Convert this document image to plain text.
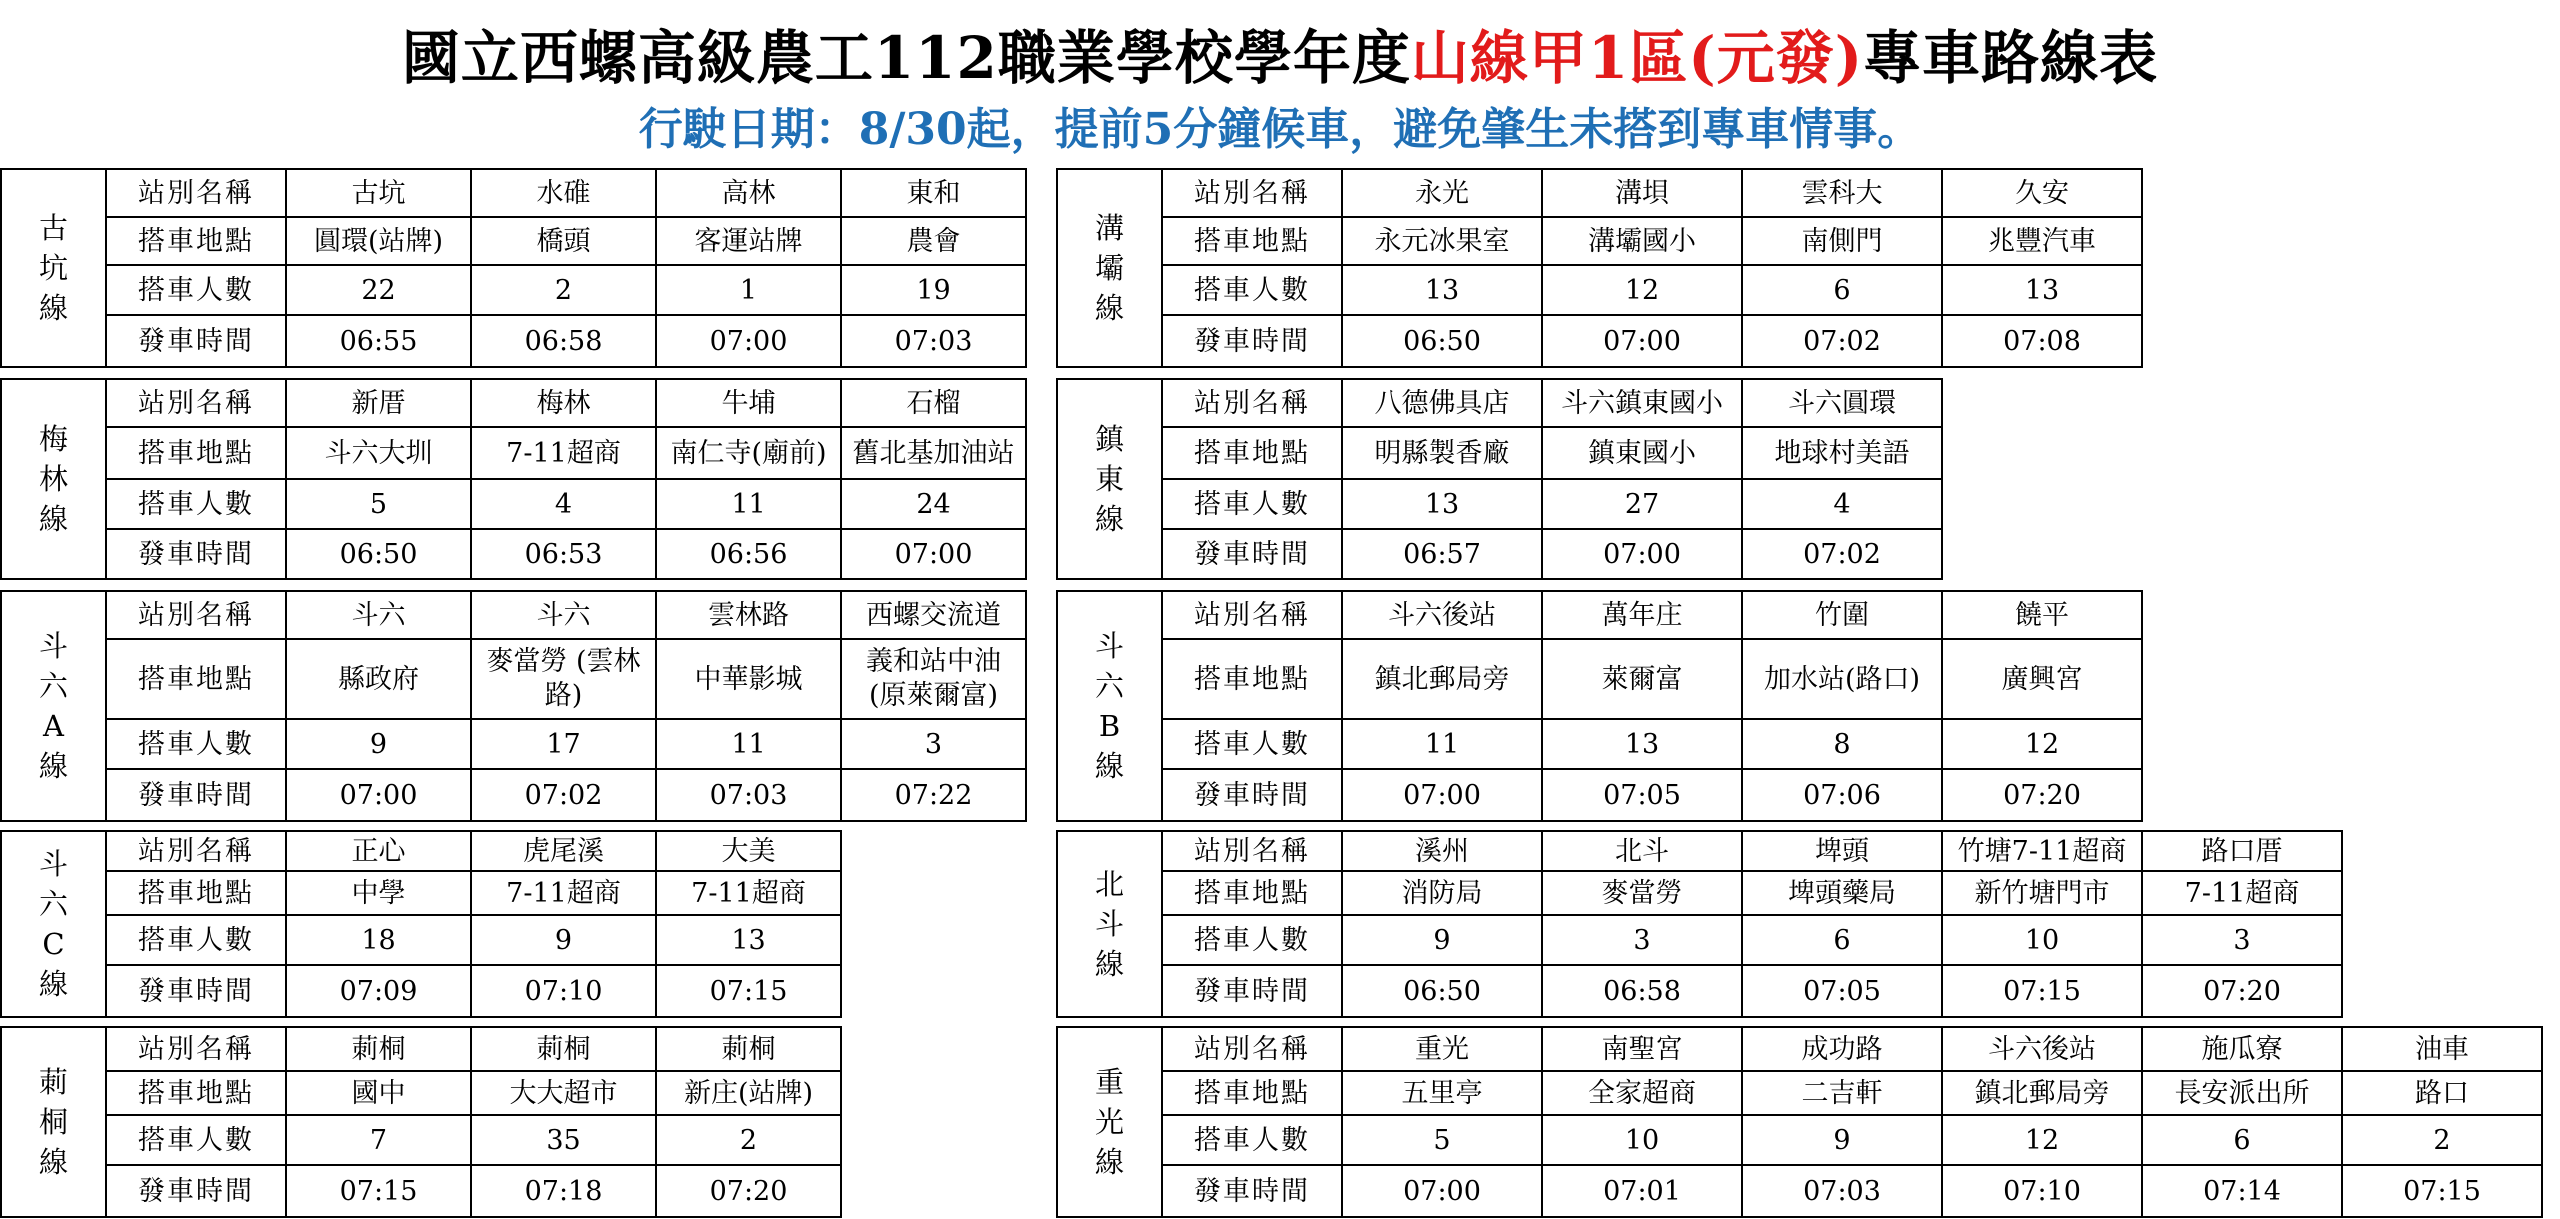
國立西螺高級農工112職業學校學年度山線甲1區(元發)專車路線表
行駛日期：8/30起，提前5分鐘候車，避免肇生未搭到專車情事。
古
坑
線	站別名稱	古坑	水碓	高林	東和
	搭車地點	圓環(站牌)	橋頭	客運站牌	農會
	搭車人數	22	2	1	19
	發車時間	06:55	06:58	07:00	07:03
溝
壩
線	站別名稱	永光	溝垻	雲科大	久安	
	搭車地點	永元冰果室	溝壩國小	南側門	兆豐汽車	
	搭車人數	13	12	6	13	
	發車時間	06:50	07:00	07:02	07:08	
梅
林
線	站別名稱	新厝	梅林	牛埔	石榴
	搭車地點	斗六大圳	7-11超商	南仁寺(廟前)	舊北基加油站
	搭車人數	5	4	11	24
	發車時間	06:50	06:53	06:56	07:00
鎮
東
線	站別名稱	八德佛具店	斗六鎮東國小	斗六圓環	
	搭車地點	明縣製香廠	鎮東國小	地球村美語	
	搭車人數	13	27	4	
	發車時間	06:57	07:00	07:02	
斗
六
A
線	站別名稱	斗六	斗六	雲林路	西螺交流道
	搭車地點	縣政府	麥當勞 (雲林路)	中華影城	義和站中油 (原萊爾富)
	搭車人數	9	17	11	3
	發車時間	07:00	07:02	07:03	07:22
斗
六
B
線	站別名稱	斗六後站	萬年庄	竹圍	饒平	
	搭車地點	鎮北郵局旁	萊爾富	加水站(路口)	廣興宮	
	搭車人數	11	13	8	12	
	發車時間	07:00	07:05	07:06	07:20	
斗
六
C
線	站別名稱	正心	虎尾溪	大美
	搭車地點	中學	7-11超商	7-11超商
	搭車人數	18	9	13
	發車時間	07:09	07:10	07:15
北
斗
線	站別名稱	溪州	北斗	埤頭	竹塘7-11超商	路口厝	
	搭車地點	消防局	麥當勞	埤頭藥局	新竹塘門市	7-11超商	
	搭車人數	9	3	6	10	3	
	發車時間	06:50	06:58	07:05	07:15	07:20	
莿
桐
線	站別名稱	莿桐	莿桐	莿桐
	搭車地點	國中	大大超市	新庄(站牌)
	搭車人數	7	35	2
	發車時間	07:15	07:18	07:20
重
光
線	站別名稱	重光	南聖宮	成功路	斗六後站	施瓜寮	油車
	搭車地點	五里亭	全家超商	二吉軒	鎮北郵局旁	長安派出所	路口
	搭車人數	5	10	9	12	6	2
	發車時間	07:00	07:01	07:03	07:10	07:14	07:15
